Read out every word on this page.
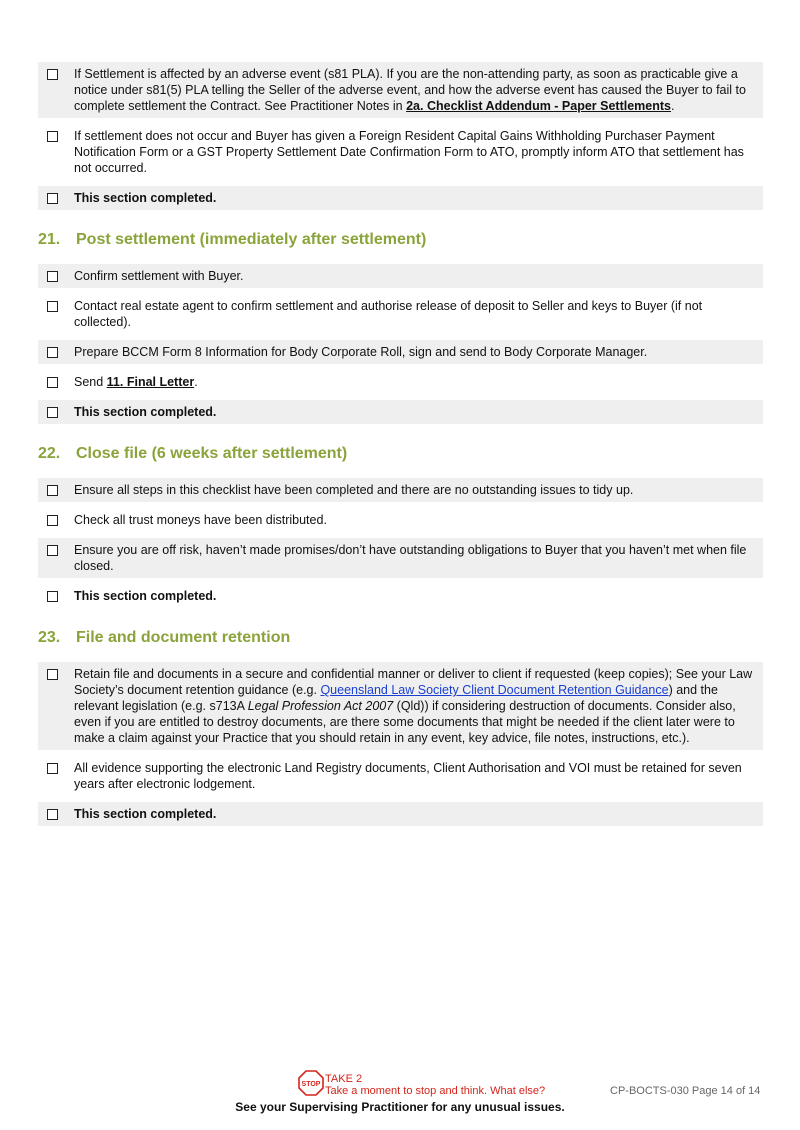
If Settlement is affected by an adverse event (s81 PLA). If you are the non-attending party, as soon as practicable give a notice under s81(5) PLA telling the Seller of the adverse event, and how the adverse event has caused the Buyer to fail to complete settlement the Contract. See Practitioner Notes in 2a. Checklist Addendum - Paper Settlements.
If settlement does not occur and Buyer has given a Foreign Resident Capital Gains Withholding Purchaser Payment Notification Form or a GST Property Settlement Date Confirmation Form to ATO, promptly inform ATO that settlement has not occurred.
This section completed.
21. Post settlement (immediately after settlement)
Confirm settlement with Buyer.
Contact real estate agent to confirm settlement and authorise release of deposit to Seller and keys to Buyer (if not collected).
Prepare BCCM Form 8 Information for Body Corporate Roll, sign and send to Body Corporate Manager.
Send 11. Final Letter.
This section completed.
22. Close file (6 weeks after settlement)
Ensure all steps in this checklist have been completed and there are no outstanding issues to tidy up.
Check all trust moneys have been distributed.
Ensure you are off risk, haven’t made promises/don’t have outstanding obligations to Buyer that you haven’t met when file closed.
This section completed.
23. File and document retention
Retain file and documents in a secure and confidential manner or deliver to client if requested (keep copies); See your Law Society’s document retention guidance (e.g. Queensland Law Society Client Document Retention Guidance) and the relevant legislation (e.g. s713A Legal Profession Act 2007 (Qld)) if considering destruction of documents. Consider also, even if you are entitled to destroy documents, are there some documents that might be needed if the client later were to make a claim against your Practice that you should retain in any event, key advice, file notes, instructions, etc.).
All evidence supporting the electronic Land Registry documents, Client Authorisation and VOI must be retained for seven years after electronic lodgement.
This section completed.
STOP TAKE 2
Take a moment to stop and think. What else?	CP-BOCTS-030 Page 14 of 14
See your Supervising Practitioner for any unusual issues.
